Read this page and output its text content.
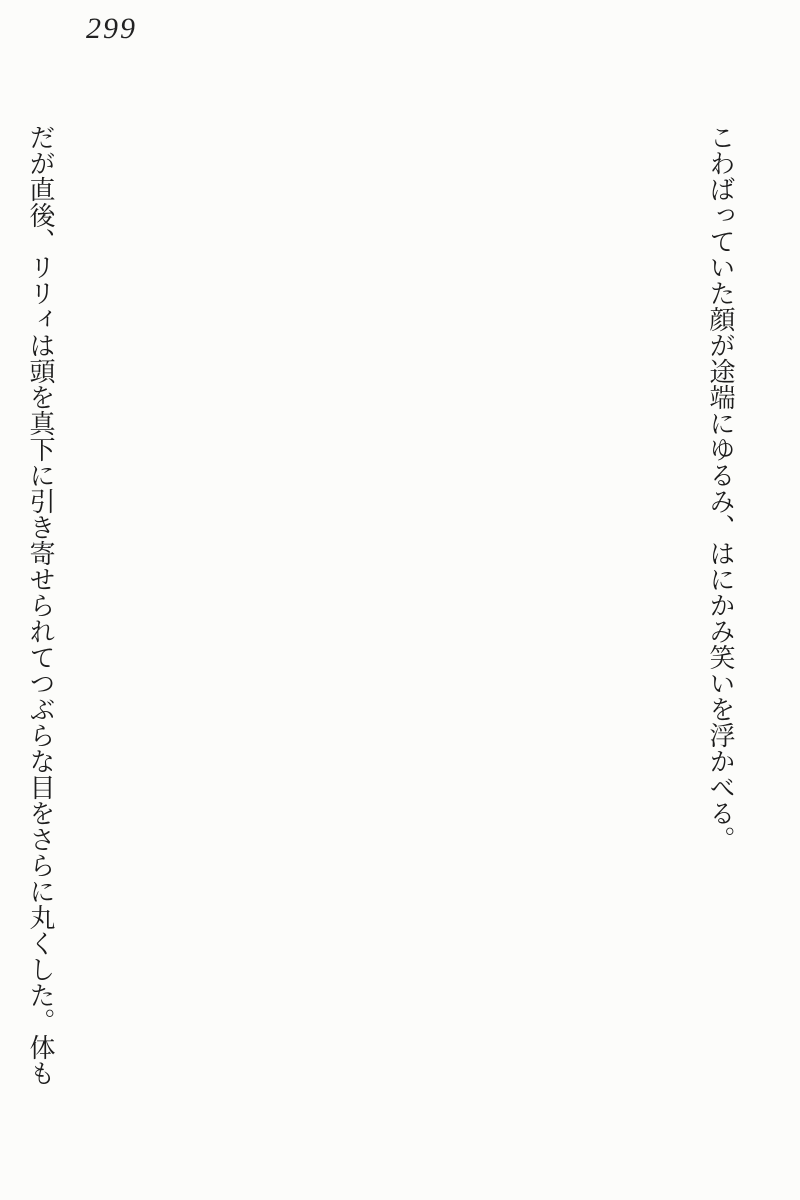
299

こわばっていた顔が途端にゆるみ、はにかみ笑いを浮かべる。

だが直後、リリィは頭を真下に引き寄せられてつぶらな目をさらに丸くした。体も
